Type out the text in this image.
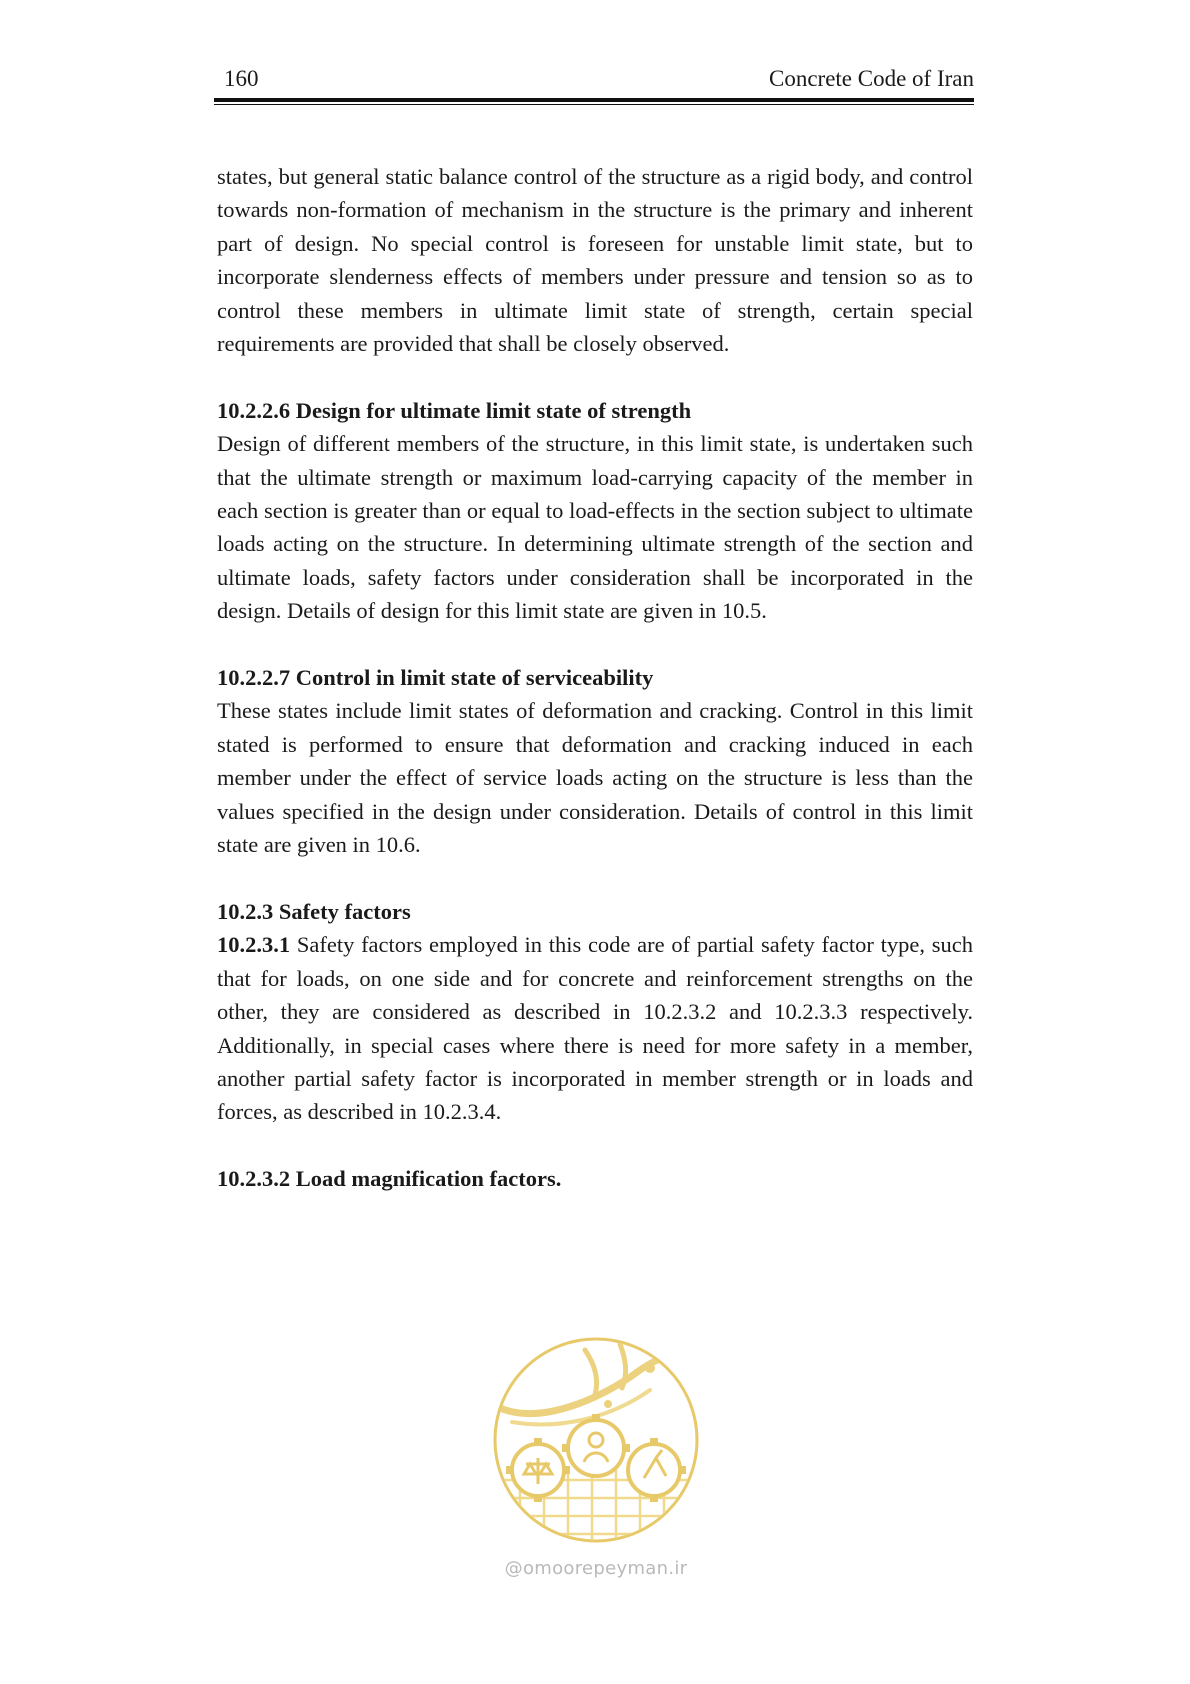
160	Concrete Code of Iran

states, but general static balance control of the structure as a rigid body, and control towards non-formation of mechanism in the structure is the primary and inherent part of design. No special control is foreseen for unstable limit state, but to incorporate slenderness effects of members under pressure and tension so as to control these members in ultimate limit state of strength, certain special requirements are provided that shall be closely observed.

10.2.2.6 Design for ultimate limit state of strength

Design of different members of the structure, in this limit state, is undertaken such that the ultimate strength or maximum load-carrying capacity of the member in each section is greater than or equal to load-effects in the section subject to ultimate loads acting on the structure. In determining ultimate strength of the section and ultimate loads, safety factors under consideration shall be incorporated in the design. Details of design for this limit state are given in 10.5.

10.2.2.7 Control in limit state of serviceability

These states include limit states of deformation and cracking. Control in this limit stated is performed to ensure that deformation and cracking induced in each member under the effect of service loads acting on the structure is less than the values specified in the design under consideration. Details of control in this limit state are given in 10.6.

10.2.3 Safety factors

10.2.3.1 Safety factors employed in this code are of partial safety factor type, such that for loads, on one side and for concrete and reinforcement strengths on the other, they are considered as described in 10.2.3.2 and 10.2.3.3 respectively. Additionally, in special cases where there is need for more safety in a member, another partial safety factor is incorporated in member strength or in loads and forces, as described in 10.2.3.4.

10.2.3.2 Load magnification factors.
@omoorepeyman.ir
